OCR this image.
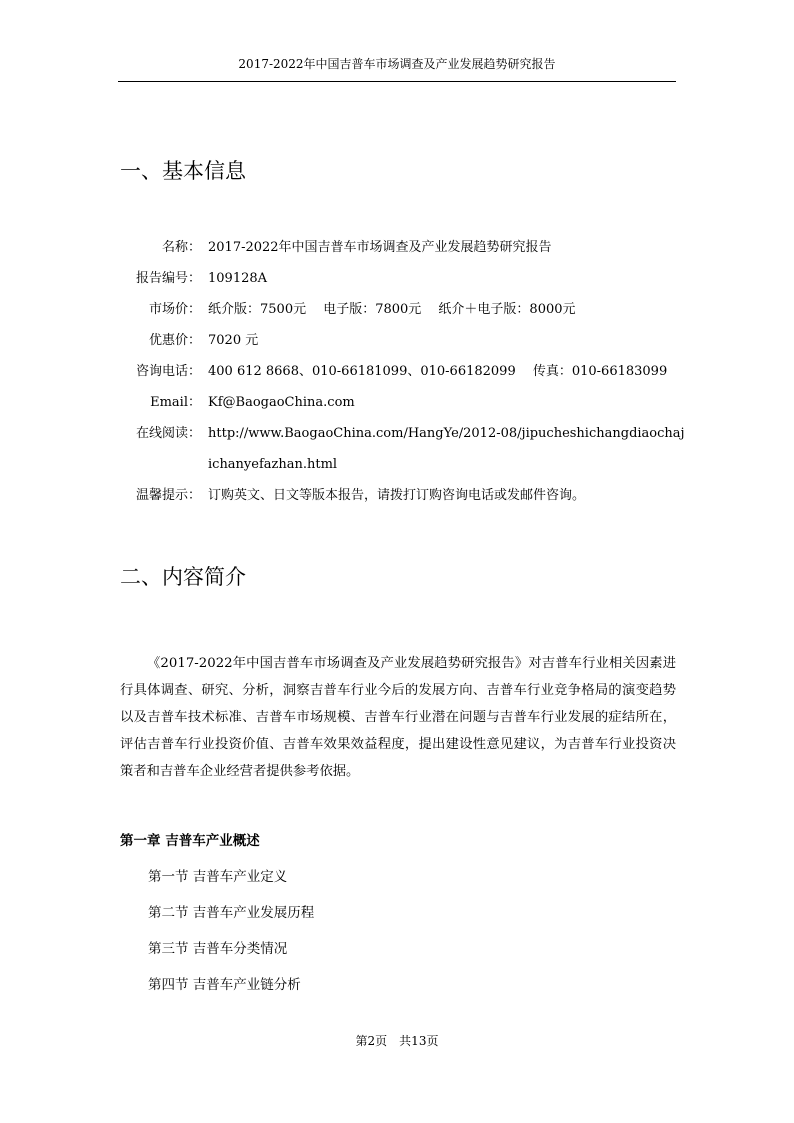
2017-2022年中国吉普车市场调查及产业发展趋势研究报告
一、基本信息
名称 ： 2017-2022年中国吉普车市场调查及产业发展趋势研究报告
报告编号 ： 109128A
市场价 ： 纸介版：7500元　 电子版：7800元　 纸介＋电子版：8000元
优惠价 ： 7020 元
咨询电话 ： 400 612 8668、010-66181099、010-66182099　 传真：010-66183099
Email ： Kf@BaogaoChina.com
在线阅读 ： http://www.BaogaoChina.com/HangYe/2012-08/jipucheshichangdiaochajichanyefazhan.html
温馨提示 ： 订购英文、日文等版本报告，请拨打订购咨询电话或发邮件咨询。
二、内容简介

《2017-2022年中国吉普车市场调查及产业发展趋势研究报告》对吉普车行业相关因素进行具体调查、研究、分析，洞察吉普车行业今后的发展方向、吉普车行业竞争格局的演变趋势以及吉普车技术标准、吉普车市场规模、吉普车行业潜在问题与吉普车行业发展的症结所在，评估吉普车行业投资价值、吉普车效果效益程度，提出建设性意见建议，为吉普车行业投资决策者和吉普车企业经营者提供参考依据。

第一章 吉普车产业概述

第一节 吉普车产业定义

第二节 吉普车产业发展历程

第三节 吉普车分类情况

第四节 吉普车产业链分析

第2页　共13页
